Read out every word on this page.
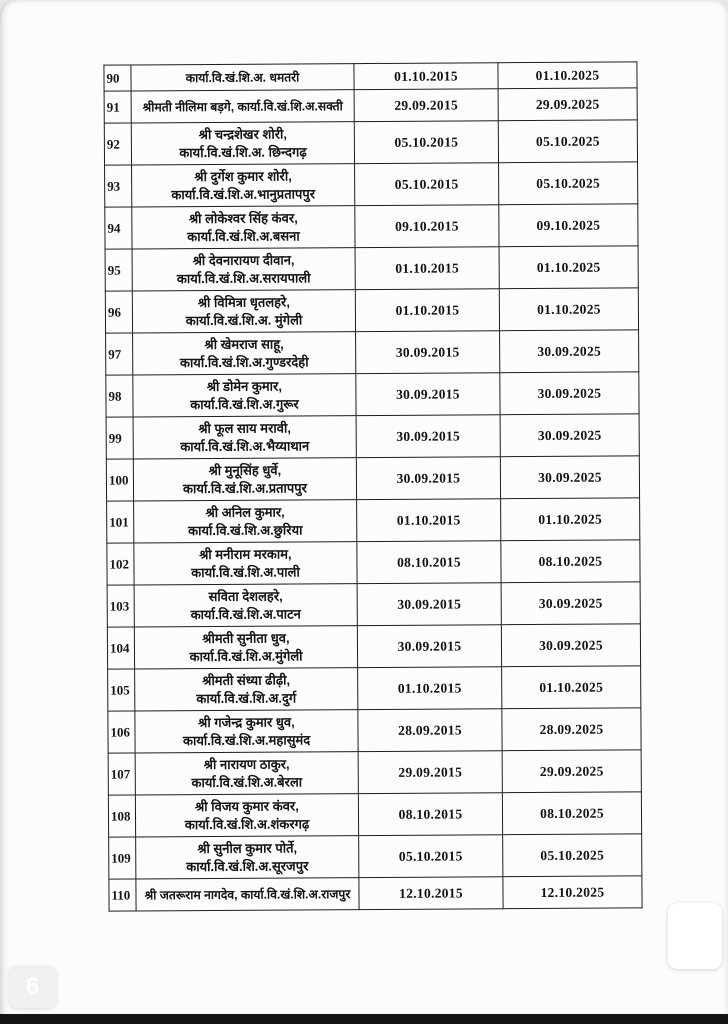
90	कार्या.वि.खं.शि.अ. धमतरी	01.10.2015	01.10.2025
91	श्रीमती नीलिमा बड़गे, कार्या.वि.खं.शि.अ.सक्ती	29.09.2015	29.09.2025
92	श्री चन्द्रशेखर शोरी,
कार्या.वि.खं.शि.अ. छिन्दगढ़	05.10.2015	05.10.2025
93	श्री दुर्गेश कुमार शोरी,
कार्या.वि.खं.शि.अ.भानुप्रतापपुर	05.10.2015	05.10.2025
94	श्री लोकेश्वर सिंह कंवर,
कार्या.वि.खं.शि.अ.बसना	09.10.2015	09.10.2025
95	श्री देवनारायण दीवान,
कार्या.वि.खं.शि.अ.सरायपाली	01.10.2015	01.10.2025
96	श्री विमित्रा धृतलहरे,
कार्या.वि.खं.शि.अ. मुंगेली	01.10.2015	01.10.2025
97	श्री खेमराज साहू,
कार्या.वि.खं.शि.अ.गुण्डरदेही	30.09.2015	30.09.2025
98	श्री डोमेन कुमार,
कार्या.वि.खं.शि.अ.गुरूर	30.09.2015	30.09.2025
99	श्री फूल साय मरावी,
कार्या.वि.खं.शि.अ.भैय्याथान	30.09.2015	30.09.2025
100	श्री मुनूसिंह धुर्वे,
कार्या.वि.खं.शि.अ.प्रतापपुर	30.09.2015	30.09.2025
101	श्री अनिल कुमार,
कार्या.वि.खं.शि.अ.छुरिया	01.10.2015	01.10.2025
102	श्री मनीराम मरकाम,
कार्या.वि.खं.शि.अ.पाली	08.10.2015	08.10.2025
103	सविता देशलहरे,
कार्या.वि.खं.शि.अ.पाटन	30.09.2015	30.09.2025
104	श्रीमती सुनीता धुव,
कार्या.वि.खं.शि.अ.मुंगेली	30.09.2015	30.09.2025
105	श्रीमती संध्या ढीढ़ी,
कार्या.वि.खं.शि.अ.दुर्ग	01.10.2015	01.10.2025
106	श्री गजेन्द्र कुमार धुव,
कार्या.वि.खं.शि.अ.महासुमंद	28.09.2015	28.09.2025
107	श्री नारायण ठाकुर,
कार्या.वि.खं.शि.अ.बेरला	29.09.2015	29.09.2025
108	श्री विजय कुमार कंवर,
कार्या.वि.खं.शि.अ.शंकरगढ़	08.10.2015	08.10.2025
109	श्री सुनील कुमार पोर्ते,
कार्या.वि.खं.शि.अ.सूरजपुर	05.10.2015	05.10.2025
110	श्री जतरूराम नागदेव, कार्या.वि.खं.शि.अ.राजपुर	12.10.2015	12.10.2025
6
